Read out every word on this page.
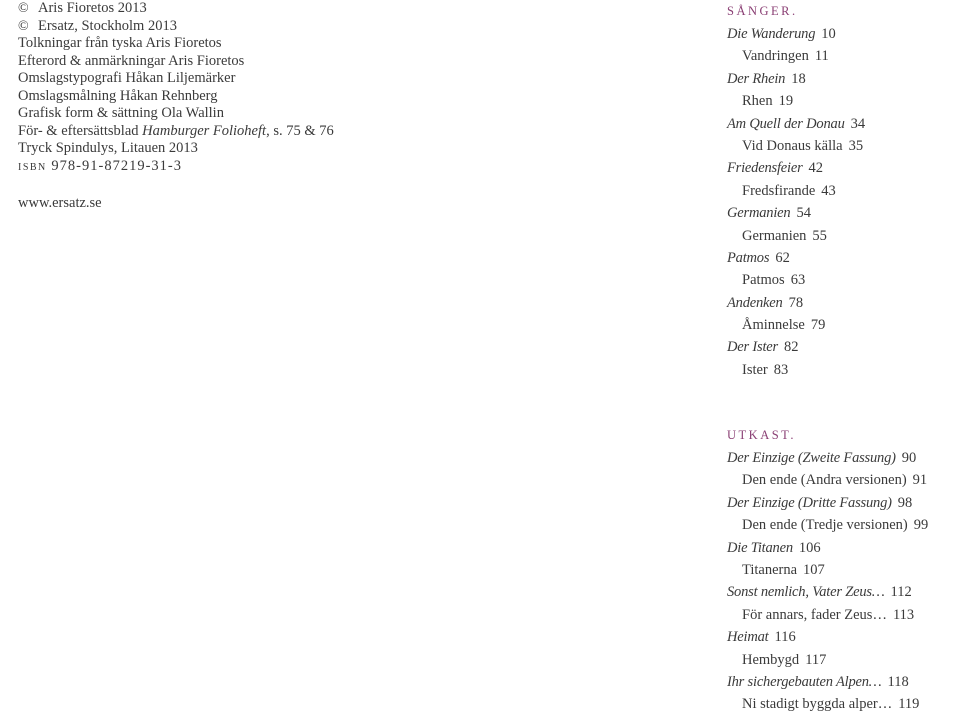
© Aris Fioretos 2013
© Ersatz, Stockholm 2013
Tolkningar från tyska Aris Fioretos
Efterord & anmärkningar Aris Fioretos
Omslagstypografi Håkan Liljemärker
Omslagsmålning Håkan Rehnberg
Grafisk form & sättning Ola Wallin
För- & eftersättsblad Hamburger Folioheft, s. 75 & 76
Tryck Spindulys, Litauen 2013
isbn 978-91-87219-31-3
www.ersatz.se
SÅNGER.
Die Wanderung 10
Vandringen 11
Der Rhein 18
Rhen 19
Am Quell der Donau 34
Vid Donaus källa 35
Friedensfeier 42
Fredsfirande 43
Germanien 54
Germanien 55
Patmos 62
Patmos 63
Andenken 78
Åminnelse 79
Der Ister 82
Ister 83
UTKAST.
Der Einzige (Zweite Fassung) 90
Den ende (Andra versionen) 91
Der Einzige (Dritte Fassung) 98
Den ende (Tredje versionen) 99
Die Titanen 106
Titanerna 107
Sonst nemlich, Vater Zeus… 112
För annars, fader Zeus… 113
Heimat 116
Hembygd 117
Ihr sichergebauten Alpen… 118
Ni stadigt byggda alper… 119
